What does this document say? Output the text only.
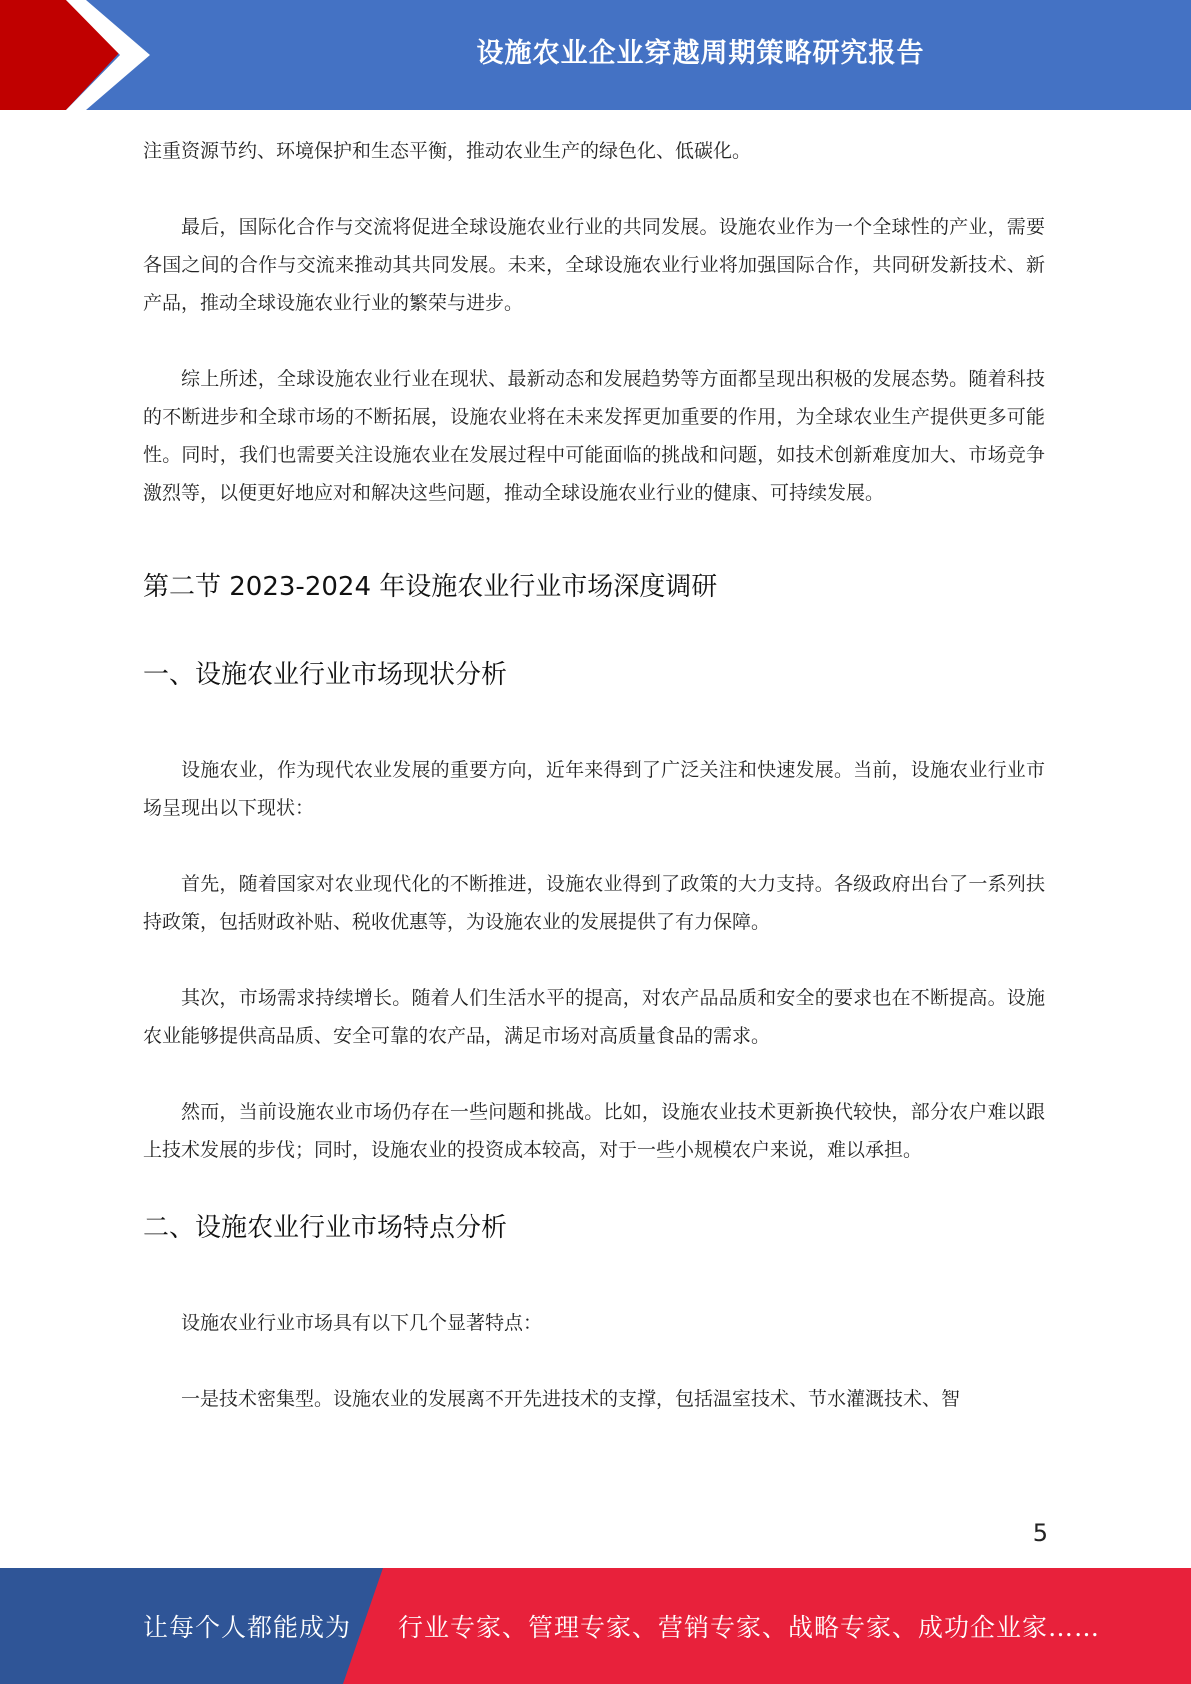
设施农业企业穿越周期策略研究报告

注重资源节约、环境保护和生态平衡，推动农业生产的绿色化、低碳化。

最后，国际化合作与交流将促进全球设施农业行业的共同发展。设施农业作为一个全球性的产业，需要各国之间的合作与交流来推动其共同发展。未来，全球设施农业行业将加强国际合作，共同研发新技术、新产品，推动全球设施农业行业的繁荣与进步。

综上所述，全球设施农业行业在现状、最新动态和发展趋势等方面都呈现出积极的发展态势。随着科技的不断进步和全球市场的不断拓展，设施农业将在未来发挥更加重要的作用，为全球农业生产提供更多可能性。同时，我们也需要关注设施农业在发展过程中可能面临的挑战和问题，如技术创新难度加大、市场竞争激烈等，以便更好地应对和解决这些问题，推动全球设施农业行业的健康、可持续发展。

第二节 2023-2024 年设施农业行业市场深度调研
一、设施农业行业市场现状分析

设施农业，作为现代农业发展的重要方向，近年来得到了广泛关注和快速发展。当前，设施农业行业市场呈现出以下现状：

首先，随着国家对农业现代化的不断推进，设施农业得到了政策的大力支持。各级政府出台了一系列扶持政策，包括财政补贴、税收优惠等，为设施农业的发展提供了有力保障。

其次，市场需求持续增长。随着人们生活水平的提高，对农产品品质和安全的要求也在不断提高。设施农业能够提供高品质、安全可靠的农产品，满足市场对高质量食品的需求。

然而，当前设施农业市场仍存在一些问题和挑战。比如，设施农业技术更新换代较快，部分农户难以跟上技术发展的步伐；同时，设施农业的投资成本较高，对于一些小规模农户来说，难以承担。

二、设施农业行业市场特点分析

设施农业行业市场具有以下几个显著特点：

一是技术密集型。设施农业的发展离不开先进技术的支撑，包括温室技术、节水灌溉技术、智

5
让每个人都能成为 行业专家、管理专家、营销专家、战略专家、成功企业家……
